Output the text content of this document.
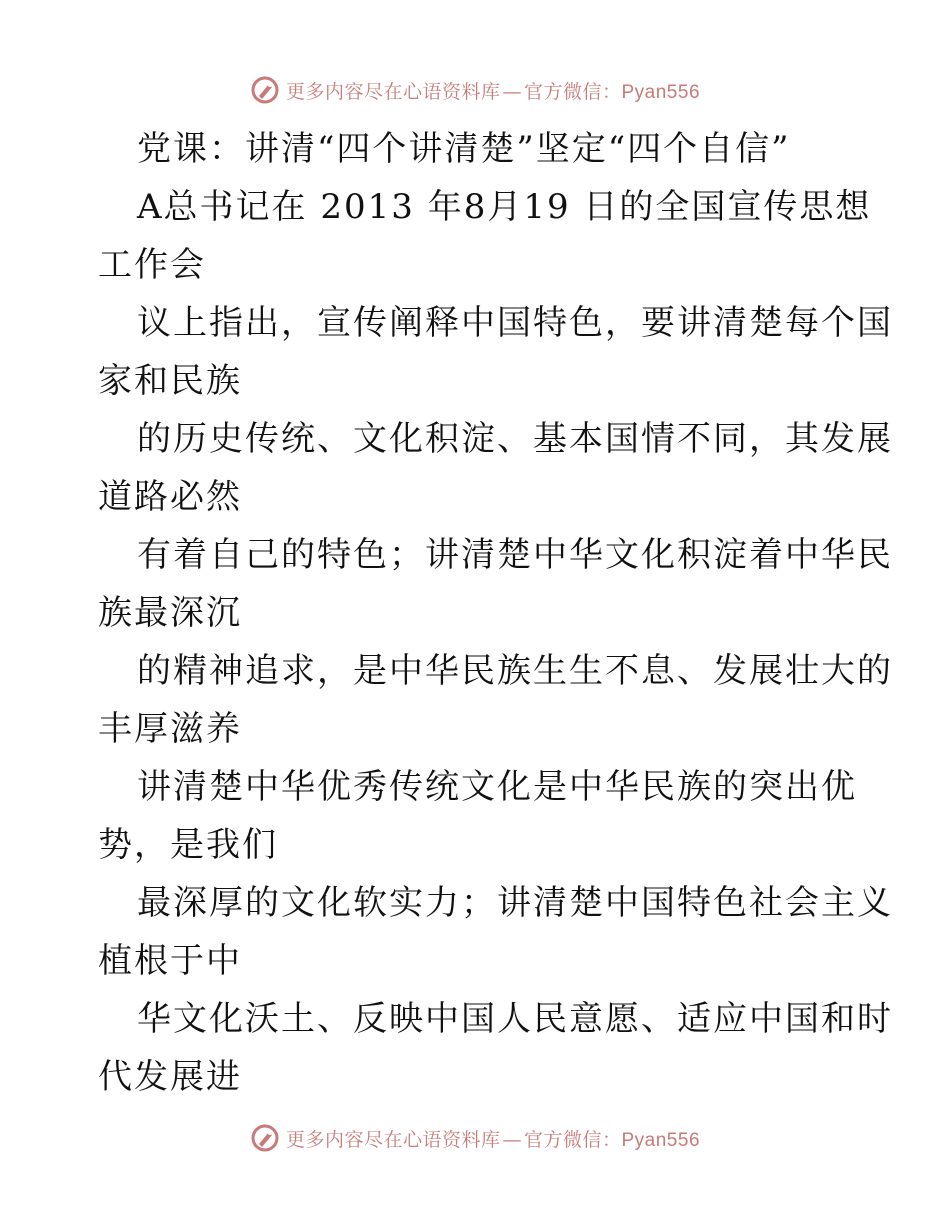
更多内容尽在心语资料库 — 官方微信：Pyan556
党课：讲清“四个讲清楚”坚定“四个自信”
A总书记在 2013 年8月19 日的全国宣传思想
工作会
议上指出，宣传阐释中国特色，要讲清楚每个国
家和民族
的历史传统、文化积淀、基本国情不同，其发展
道路必然
有着自己的特色；讲清楚中华文化积淀着中华民
族最深沉
的精神追求，是中华民族生生不息、发展壮大的
丰厚滋养
讲清楚中华优秀传统文化是中华民族的突出优
势，是我们
最深厚的文化软实力；讲清楚中国特色社会主义
植根于中
华文化沃土、反映中国人民意愿、适应中国和时
代发展进
更多内容尽在心语资料库 — 官方微信：Pyan556
